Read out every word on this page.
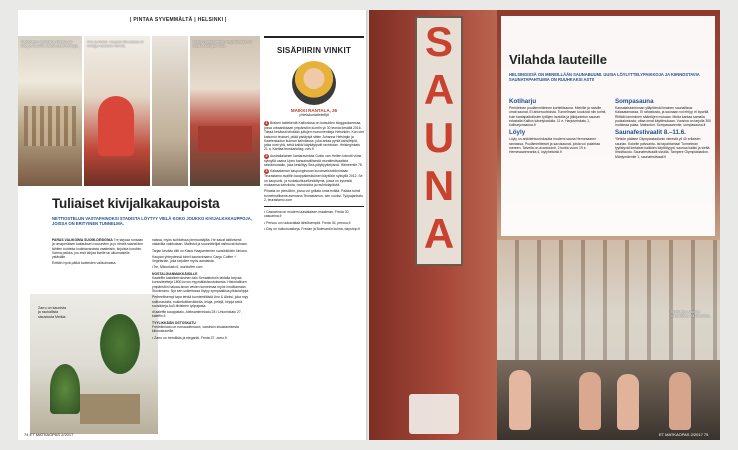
| PINTAA SYVEMMÄLTÄ | HELSINKI |
Kaffebaren valoisissa tiloissa on tilaa ja kauniita sisustuselementtejä.
Ann ja Aleksi -kaupan ikkunassa on vintage-kaluston helmiä.
Klaus Haapaniemen myymälässä voi ihailla taiteilijan töitä.
Tuliaiset kivijalkakaupoista
NETTIOSTELUN VASTAPAINOKSI STADISTA LÖYTYY VIELÄ KOKO JOUKKO KIVIJALKAKAUPPOJA, JOISSA ON ERITYINEN TUNNELMA.

PARAS VALIKOIMA SUOMI-DESIGNIA Tre tarjoaa runsaan ja omaperäisen kattauksen nousevien ja jo nimeä saaneiden tähtien tuotteita kodintavaroista vaatteisiin, kirjoista koruihin. Varma paikka, jos etsit lahjaa itselle tai ulkomaiselle ystävälle.

Erittäin hyvä pätkä tuotteiden valikoimasta.

Zarro on kaunista ja rauhallista sisustusta Meikia.

naissa, myös suihkeissa pientuottajilta. He sauat aktiivisesti vakavilta vaikkutaan. Mallistot ja suunnittelijat vaihtuvat tiuhaan.

Tarjan kevään tiilit on Klaus Haapaniemen suosikkiklein kimono.

Kaupan yhteydessä toimii kauraviraamo Cargo Coffee + Vegetarian, joka tarjoilee myös aamiaista.

•Tre, Mikonkatu 6, worldoftre.com

NOSTALGIANMAKKÄISILLE
Kaaleffin kaksikerroksinen talo Senaatintorin laidalla tarjoaa kuriositeetteja 1800-luvun myymäläsisustuksesta. Historiallisen ympäristön haluaa aivan vesien tunnelmaa myös innoittamaan Stockmann. Nyt sen soikeitossa löytyy sympaattisia pikkulahjoja.

Perheellisempi tapa tehdä tuontemiläistä Ann & Aleksi, joka myy soittorasioita, nukkekotitarvikkeita, leluja, pelejä, kirjoja sekä suosikkeja Au3-tiivisteen työpajasta.

•Kaaleffin kauppatalo, Aleksanterinkatu 28 / Unioninkatu 27, kaleffin.fi

TYYLIKKÄÄN OSTOSKATU
Fredrikinkatu on runsaudensarvi, varsinkin sisustamisesta kiinnostuneille.

• Zarro on trendikäs ja elegantti. Freda 37, zarro.fi

SISÄPIIRIN VINKIT
MAIKKI RANTALA, 36
yhteiskuntatieteilijä

1 Brahen taidekentä Kallionissa on kutsuiden bloggaukseessa, jossa urbaanikkaan ympäristön luontin yli 30 teosta kesällä 2016. Tässä kesässä tehdään juttujen monumentteja Helsinkiin. Kun olet katsonut teokset, pitää pistäytyä sitten Johanna Helsingin ja Kaarlenkadun kulman kahvilassa, joka antaa pyhiä kahvileipiä, jotka ovat yhä, sekä kaikki käyttäytyvät ravintolan. Helsinginkatu 21 a. Karttaa teoskartollsg.-nes.fi

2 Australialainen kantaravintola Guido van Helten toteutti viime syksyllä osana Upeu kansainvälisestä muralfestivaalista seinämuraalin, joka keskittyy Sea-pälyltyyttelyissä. Hämeentie 78

3 Kalasataman kaupunginosan kuvanveistotoimintaan Teurastamo avattiin kauppakeskuksen käyttöön syksyllä 2012. Se on kaupunki- ja ruokakulttuurikeskittymä, jossa on kyseisiä mukaansa kahviloita, ravintoloita ja ravintolapäiviä.

Pihasta on yleisöihin, jossa voi grillata omia eväitä. Paikka toimii tunnelmallisena asemana Teurastamon, sen vuoksi. Työpajankatu 2, teurastamo.com

• Casuarina on moderni aasialaisen maailman. Freda 30, casuarina.fi

• Persuu on ruokavaltaä lähtöisempiä. Freda 34, persuu.fi

• Day on huikuhuaskeja. Fredan ja Bulevardin kulma, dayshop.fi

74 ET MATKAOPAS 2/2017
S
A
U
N
A
Kotiharjun saunan ulkotiloissa voi vilvoitella.
Vilahda lauteille
HELSINGISSÄ ON MENEILLÄÄN SAUNABUUMI. UUSIA LÖYLYTTELYPAIKKOJA JA KIINNOSTAVIA SAUNATAPAHTUMIA ON RUUHKAKSI ASTI!
Kotiharju

Perinteinen puulämmitteinen kortteliisauna. Miehille ja naisille omat saunat. El ahkeruuhtoista. Tunnelmaan kuuluvat niin torinit, kuin kantapaikoiksien tyttöjen lautoilla ja jälkijuotetun saunan edustalla Kallion kävelykadulla. 11 e. Harjutorinkatu 1, kotiharjunsauna.fi

Löyly

Löyly on arkkitehtuurinkautta moderni sauna Hernesaaren rannassa. Puulämmitteiset ja savusaunat, joista voi pulahtaa mereen. Talvella on avantouinti. 2 tuntia vuoro 19 e. Hernesaarenranta 4, loylyhelsinki.fi

Sompasauna

Kansalaistoiminnan ylläpitämä ilmainen saunailtaus Kalasatamassa. Ei rahastusta, ja saunaan voi ehtyy, ei kysellä. Riittää toimiminen sääntöjen mukaan. Mutta kantaa samalla puukalustusta, ottaa omat käyttimukaan. Vuosina on tarjolla 300 muhkeaa pulaa. Maksuton. Sompasaarentie, sompasauna.fi

Saunafestivaalit 8.–11.6.

Yleisön pääsee Olympiastadionin vierestä yli 40 erilaisen saunan. Kokeile palvoanto- tai tapahtumaa! Tunnelman tyylistyvät kertaiset kaikkien käyttötyypit, saunoa kaikki ja sieltä. Ilmoittaudu. Saunafestivaalit sivuilla. Tampere Olympiastadion. Mäntymäentie 1, saunafestivaali.fi

ET MATKAOPAS 2/2017 75
